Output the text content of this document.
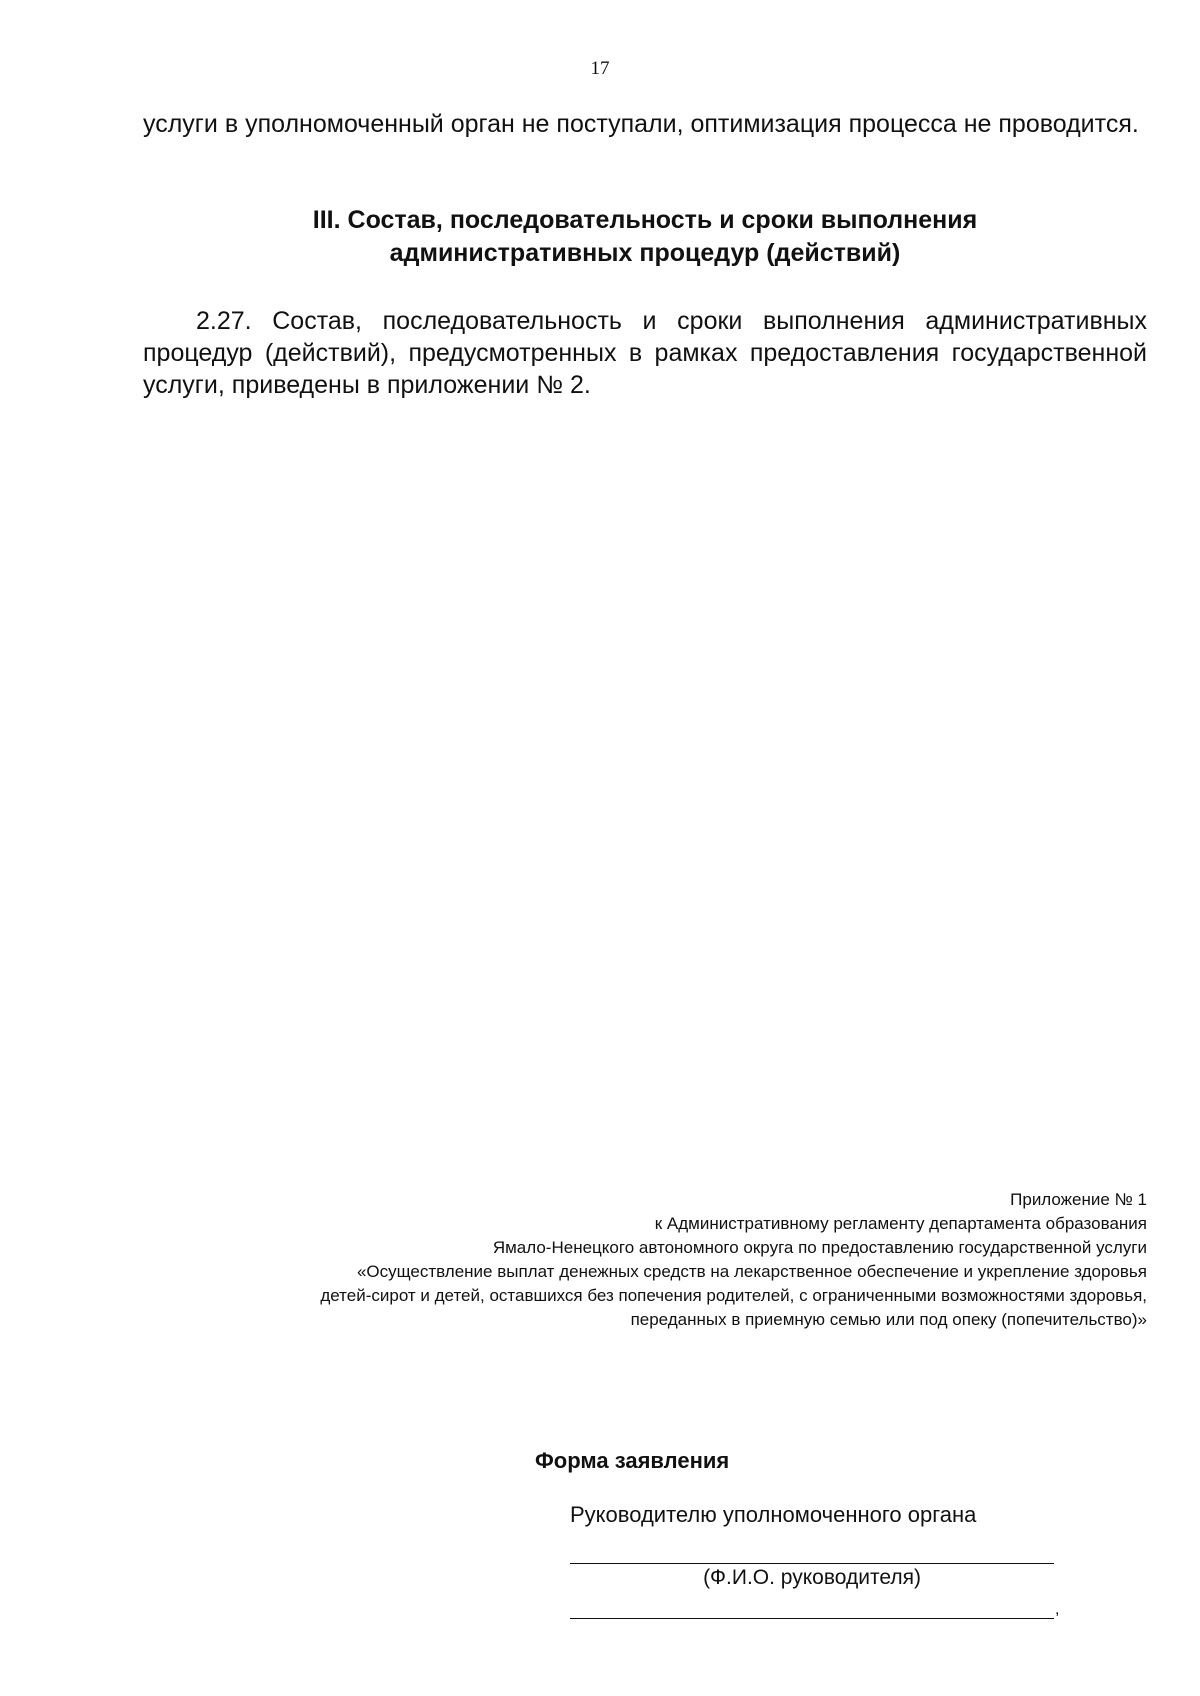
17

услуги в уполномоченный орган не поступали, оптимизация процесса не проводится.

III. Состав, последовательность и сроки выполнения
административных процедур (действий)

2.27. Состав, последовательность и сроки выполнения административных процедур (действий), предусмотренных в рамках предоставления государственной услуги, приведены в приложении № 2.

Приложение № 1
к Административному регламенту департамента образования
Ямало-Ненецкого автономного округа по предоставлению государственной услуги
«Осуществление выплат денежных средств на лекарственное обеспечение и укрепление здоровья
детей-сирот и детей, оставшихся без попечения родителей, с ограниченными возможностями здоровья,
переданных в приемную семью или под опеку (попечительство)»
Форма заявления
Руководителю уполномоченного органа
(Ф.И.О. руководителя)
,
